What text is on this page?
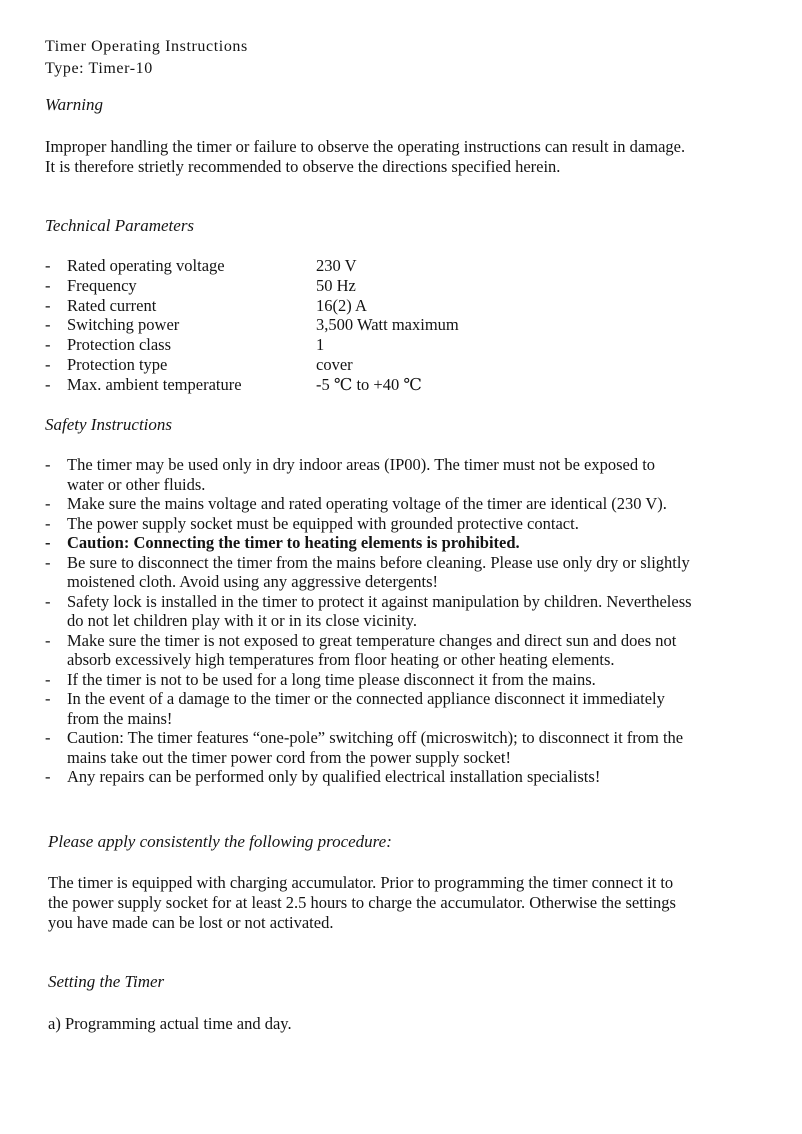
Timer Operating Instructions
Type: Timer-10
Warning
Improper handling the timer or failure to observe the operating instructions can result in damage.
It is therefore strietly recommended to observe the directions specified herein.
Technical Parameters
- Rated operating voltage	230 V
- Frequency	50 Hz
- Rated current	16(2) A
- Switching power	3,500 Watt maximum
- Protection class	1
- Protection type	cover
- Max. ambient temperature	-5 ℃ to +40 ℃
Safety Instructions
- The timer may be used only in dry indoor areas (IP00). The timer must not be exposed to
water or other fluids.
- Make sure the mains voltage and rated operating voltage of the timer are identical (230 V).
- The power supply socket must be equipped with grounded protective contact.
- Caution: Connecting the timer to heating elements is prohibited.
- Be sure to disconnect the timer from the mains before cleaning. Please use only dry or slightly
moistened cloth. Avoid using any aggressive detergents!
- Safety lock is installed in the timer to protect it against manipulation by children. Nevertheless
do not let children play with it or in its close vicinity.
- Make sure the timer is not exposed to great temperature changes and direct sun and does not
absorb excessively high temperatures from floor heating or other heating elements.
- If the timer is not to be used for a long time please disconnect it from the mains.
- In the event of a damage to the timer or the connected appliance disconnect it immediately
from the mains!
- Caution: The timer features “one-pole” switching off (microswitch); to disconnect it from the
mains take out the timer power cord from the power supply socket!
- Any repairs can be performed only by qualified electrical installation specialists!
Please apply consistently the following procedure:
The timer is equipped with charging accumulator. Prior to programming the timer connect it to
the power supply socket for at least 2.5 hours to charge the accumulator. Otherwise the settings
you have made can be lost or not activated.
Setting the Timer
a) Programming actual time and day.
